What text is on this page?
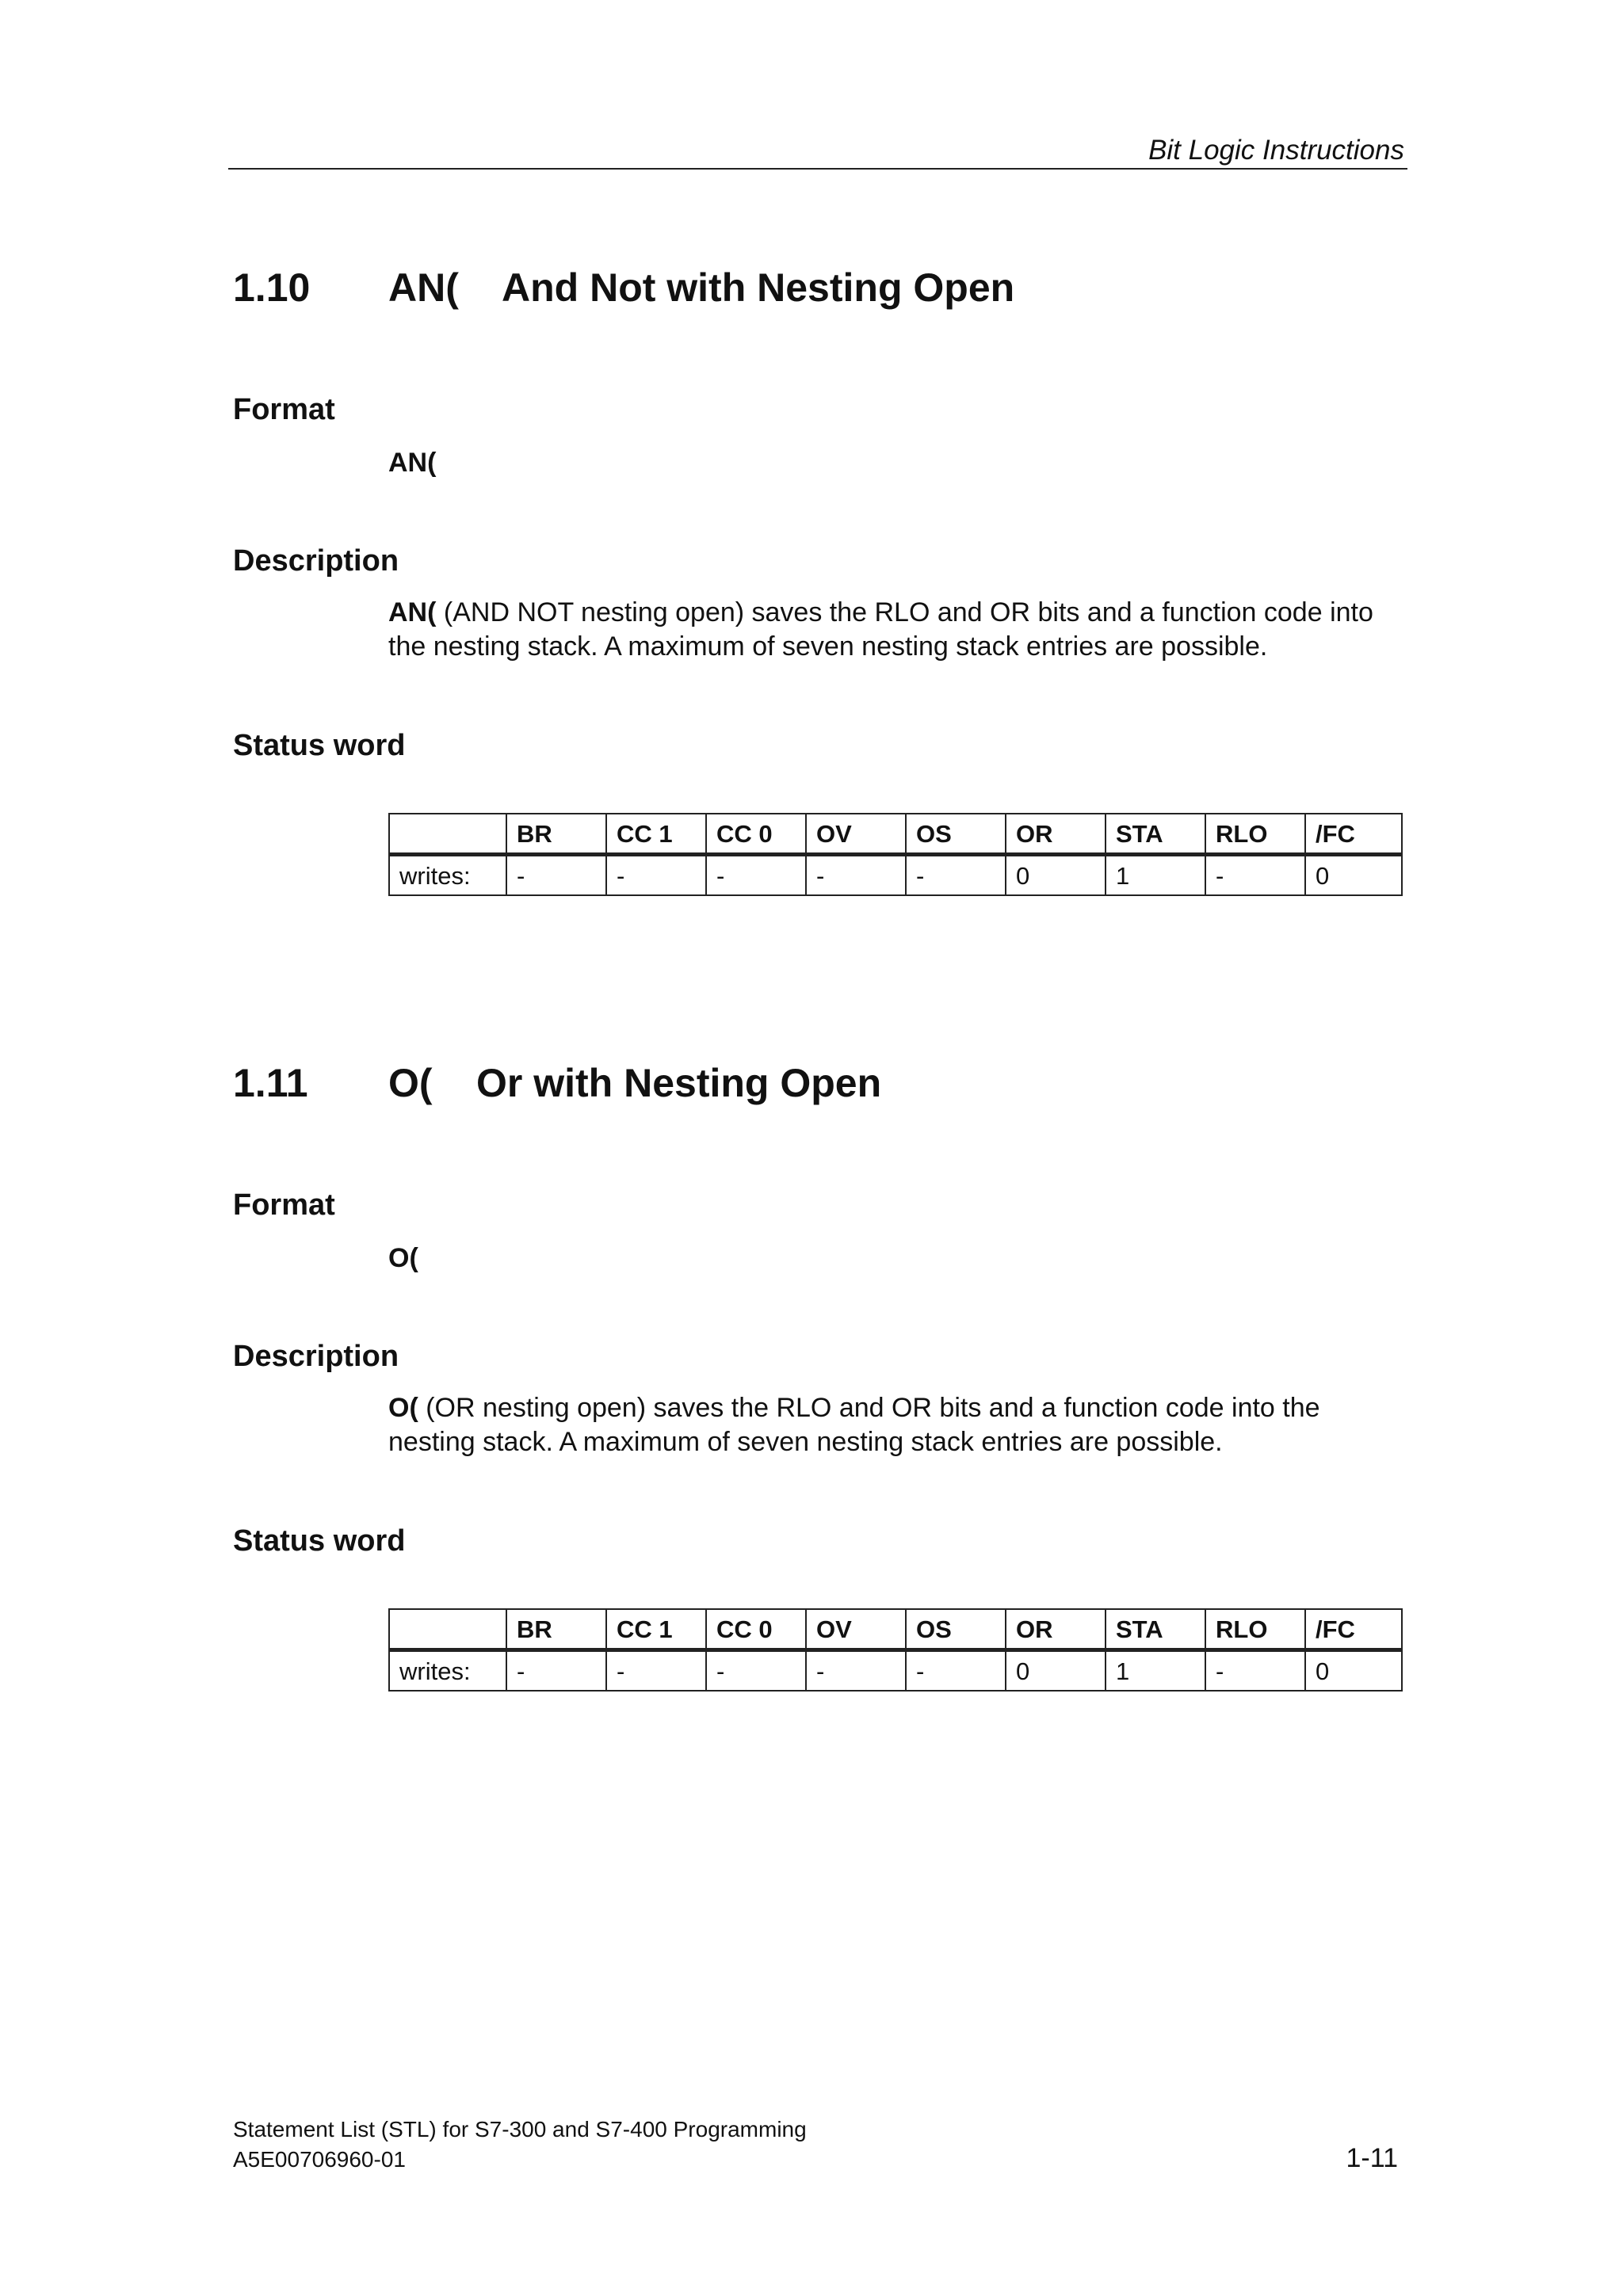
Bit Logic Instructions
1.10 AN( And Not with Nesting Open
Format
AN(
Description
AN( (AND NOT nesting open) saves the RLO and OR bits and a function code into
the nesting stack. A maximum of seven nesting stack entries are possible.
Status word
	BR	CC 1	CC 0	OV	OS	OR	STA	RLO	/FC
writes:	-	-	-	-	-	0	1	-	0
1.11 O( Or with Nesting Open
Format
O(
Description
O( (OR nesting open) saves the RLO and OR bits and a function code into the
nesting stack. A maximum of seven nesting stack entries are possible.
Status word
	BR	CC 1	CC 0	OV	OS	OR	STA	RLO	/FC
writes:	-	-	-	-	-	0	1	-	0
Statement List (STL) for S7-300 and S7-400 Programming
A5E00706960-01	1-11
